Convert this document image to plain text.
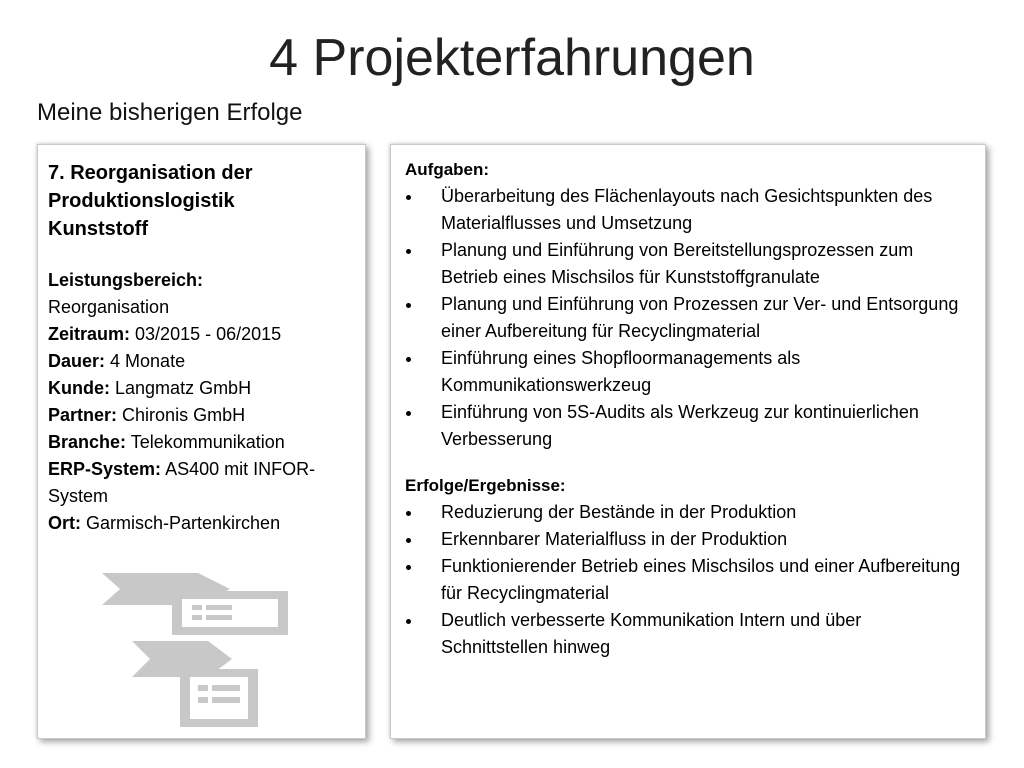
4 Projekterfahrungen
Meine bisherigen Erfolge

7. Reorganisation der Produktionslogistik Kunststoff

Leistungsbereich:
Reorganisation
Zeitraum: 03/2015 - 06/2015
Dauer: 4 Monate
Kunde: Langmatz GmbH
Partner: Chironis GmbH
Branche: Telekommunikation
ERP-System: AS400 mit INFOR-System
Ort: Garmisch-Partenkirchen

Aufgaben:

Überarbeitung des Flächenlayouts nach Gesichtspunkten des Materialflusses und Umsetzung
Planung und Einführung von Bereitstellungsprozessen zum Betrieb eines Mischsilos für Kunststoffgranulate
Planung und Einführung von Prozessen zur Ver- und Entsorgung einer Aufbereitung für Recyclingmaterial
Einführung eines Shopfloormanagements als Kommunikationswerkzeug
Einführung von 5S-Audits als Werkzeug zur kontinuierlichen Verbesserung

Erfolge/Ergebnisse:

Reduzierung der Bestände in der Produktion
Erkennbarer Materialfluss in der Produktion
Funktionierender Betrieb eines Mischsilos und einer Aufbereitung für Recyclingmaterial
Deutlich verbesserte Kommunikation Intern und über Schnittstellen hinweg
